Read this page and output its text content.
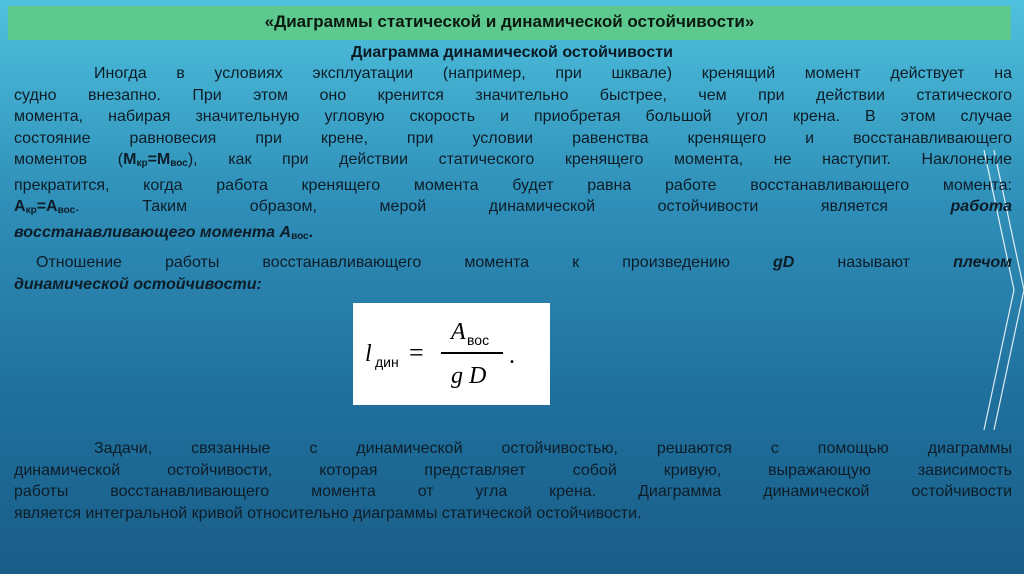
«Диаграммы статической и динамической остойчивости»
Диаграмма динамической остойчивости
Иногда в условиях эксплуатации (например, при шквале) кренящий момент действует на
судно внезапно. При этом оно кренится значительно быстрее, чем при действии статического
момента, набирая значительную угловую скорость и приобретая большой угол крена. В этом случае
состояние равновесия при крене, при условии равенства кренящего и восстанавливающего
моментов $(М_{кр}=М_{вос})$, как при действии статического кренящего момента, не наступит. Наклонение
прекратится, когда работа кренящего момента будет равна работе восстанавливающего момента:
$А_{кр}=А_{вос}$. Таким образом, мерой динамической остойчивости является	работа
восстанавливающего момента $А_{вос}$.
Отношение работы восстанавливающего момента к произведению	gD	называют	плечом
динамической остойчивости:
l дин =
A вос
g D
.
Задачи, связанные с динамической остойчивостью, решаются с помощью диаграммы
динамической остойчивости, которая представляет собой кривую, выражающую зависимость
работы восстанавливающего момента от угла крена. Диаграмма динамической остойчивости
является интегральной кривой относительно диаграммы статической остойчивости.
